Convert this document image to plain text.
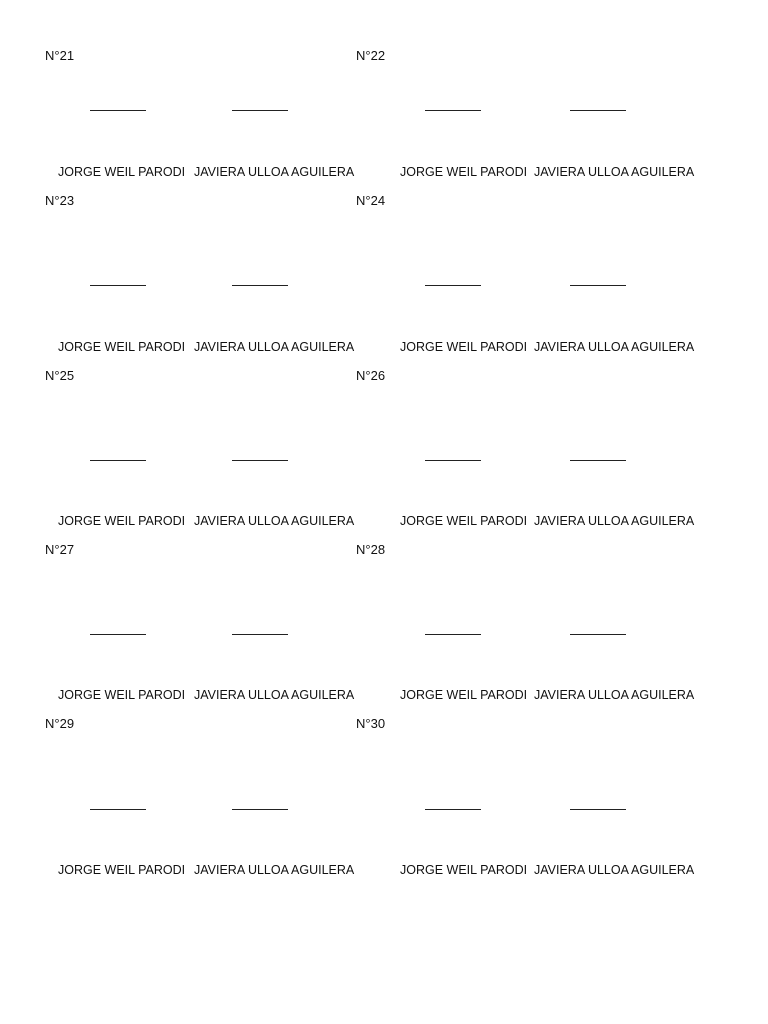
N°21
JORGE WEIL PARODI JAVIERA ULLOA AGUILERA
N°22
JORGE WEIL PARODI JAVIERA ULLOA AGUILERA
N°23
JORGE WEIL PARODI JAVIERA ULLOA AGUILERA
N°24
JORGE WEIL PARODI JAVIERA ULLOA AGUILERA
N°25
JORGE WEIL PARODI JAVIERA ULLOA AGUILERA
N°26
JORGE WEIL PARODI JAVIERA ULLOA AGUILERA
N°27
JORGE WEIL PARODI JAVIERA ULLOA AGUILERA
N°28
JORGE WEIL PARODI JAVIERA ULLOA AGUILERA
N°29
JORGE WEIL PARODI JAVIERA ULLOA AGUILERA
N°30
JORGE WEIL PARODI JAVIERA ULLOA AGUILERA
